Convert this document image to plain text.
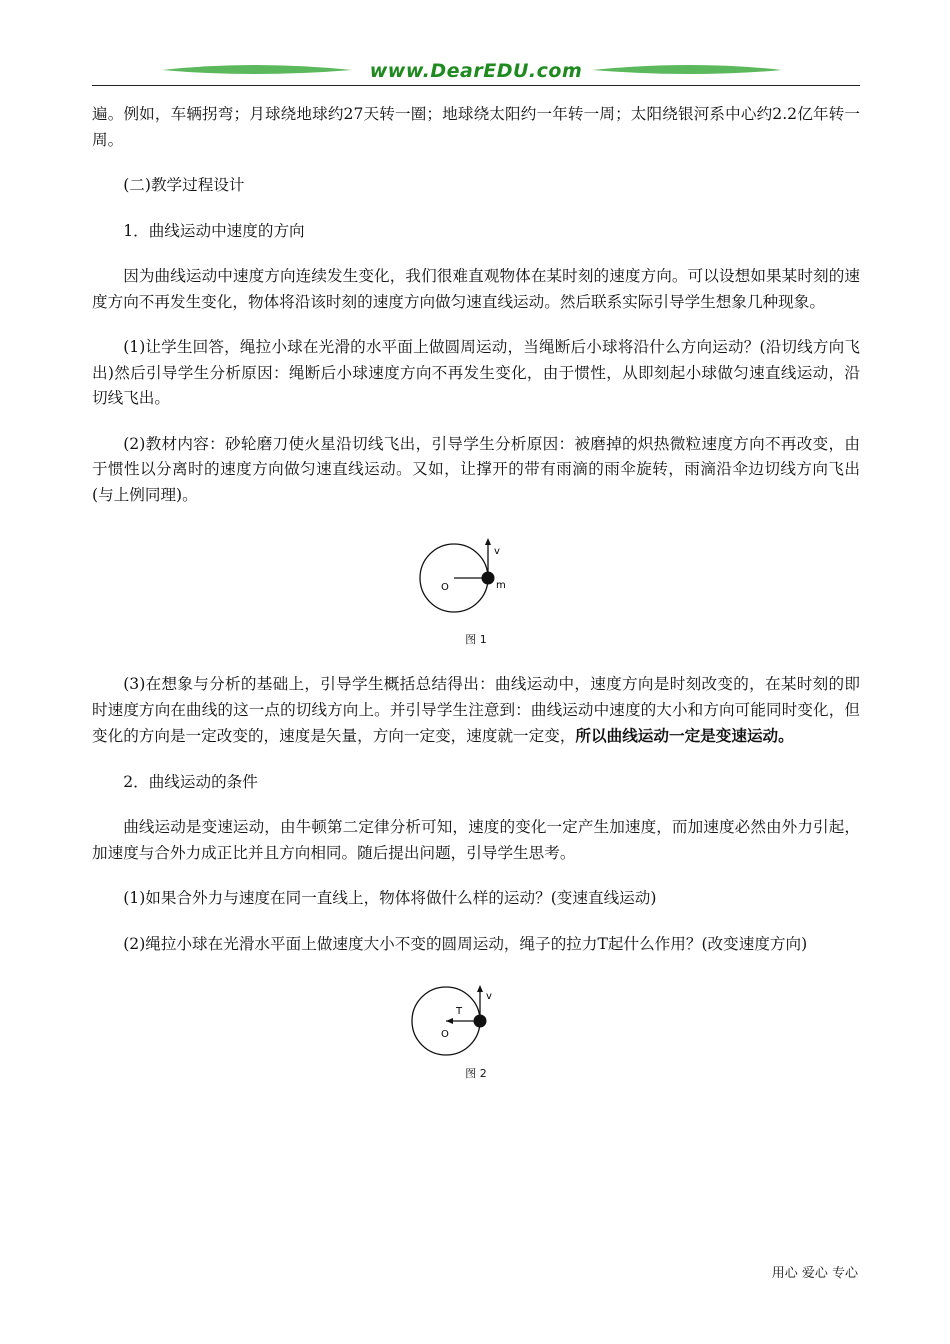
www.DearEDU.com

遍。例如，车辆拐弯；月球绕地球约27天转一圈；地球绕太阳约一年转一周；太阳绕银河系中心约2.2亿年转一周。

(二)教学过程设计

1．曲线运动中速度的方向

因为曲线运动中速度方向连续发生变化，我们很难直观物体在某时刻的速度方向。可以设想如果某时刻的速度方向不再发生变化，物体将沿该时刻的速度方向做匀速直线运动。然后联系实际引导学生想象几种现象。

(1)让学生回答，绳拉小球在光滑的水平面上做圆周运动，当绳断后小球将沿什么方向运动？(沿切线方向飞出)然后引导学生分析原因：绳断后小球速度方向不再发生变化，由于惯性，从即刻起小球做匀速直线运动，沿切线飞出。

(2)教材内容：砂轮磨刀使火星沿切线飞出，引导学生分析原因：被磨掉的炽热微粒速度方向不再改变，由于惯性以分离时的速度方向做匀速直线运动。又如，让撑开的带有雨滴的雨伞旋转，雨滴沿伞边切线方向飞出(与上例同理)。

v
O	m
图 1

(3)在想象与分析的基础上，引导学生概括总结得出：曲线运动中，速度方向是时刻改变的，在某时刻的即时速度方向在曲线的这一点的切线方向上。并引导学生注意到：曲线运动中速度的大小和方向可能同时变化，但变化的方向是一定改变的，速度是矢量，方向一定变，速度就一定变，所以曲线运动一定是变速运动。

2．曲线运动的条件

曲线运动是变速运动，由牛顿第二定律分析可知，速度的变化一定产生加速度，而加速度必然由外力引起，加速度与合外力成正比并且方向相同。随后提出问题，引导学生思考。

(1)如果合外力与速度在同一直线上，物体将做什么样的运动？(变速直线运动)

(2)绳拉小球在光滑水平面上做速度大小不变的圆周运动，绳子的拉力T起什么作用？(改变速度方向)

v
T
O
图 2
用心 爱心 专心
